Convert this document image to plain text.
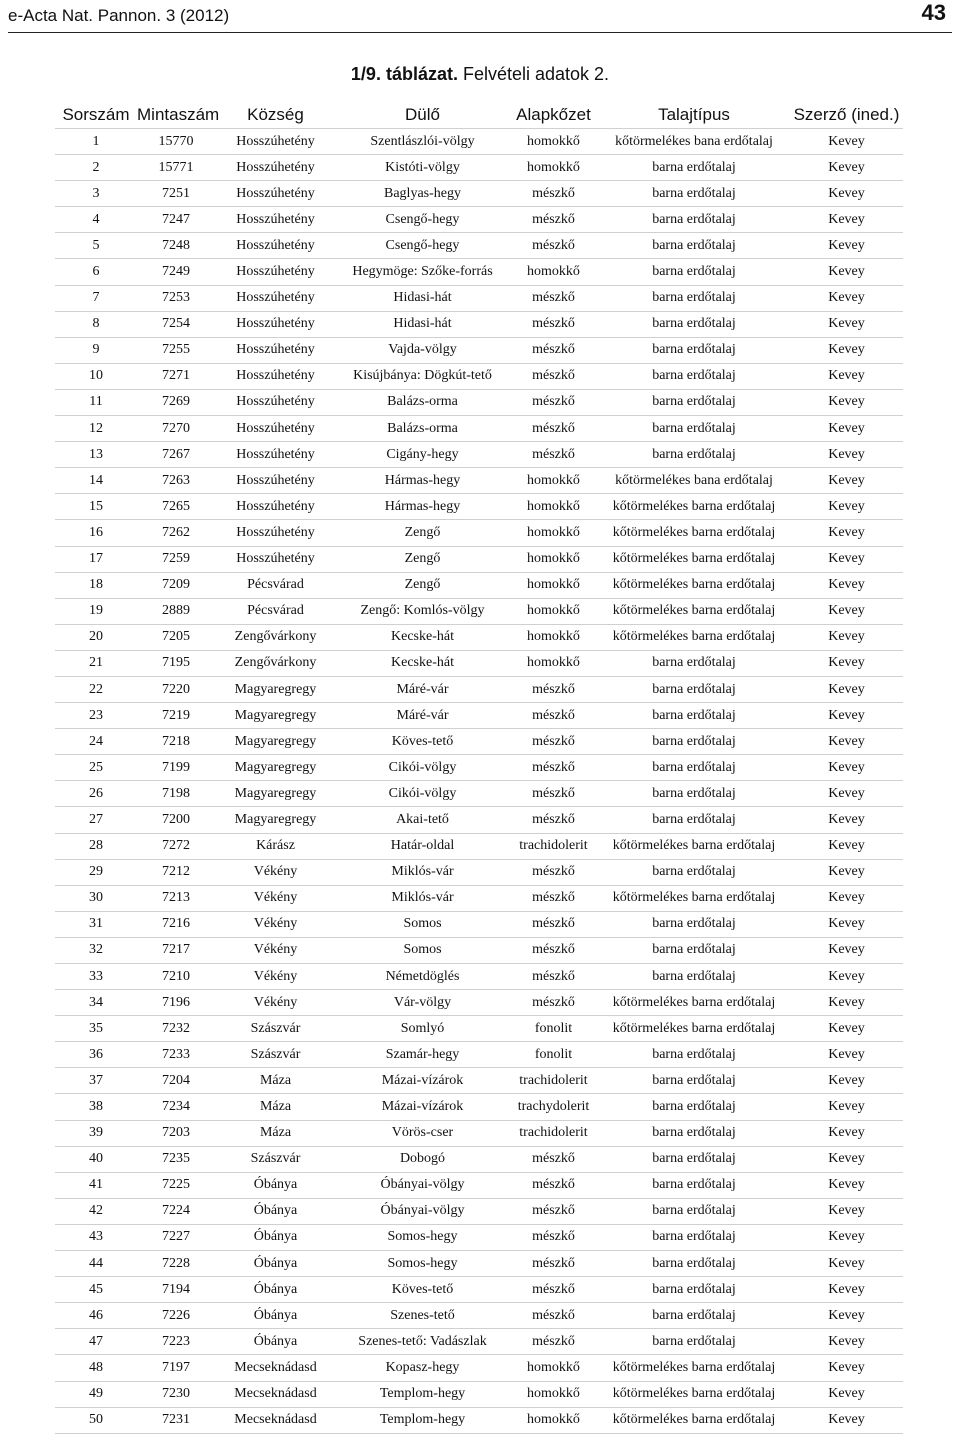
e-Acta Nat. Pannon. 3 (2012)	43
1/9. táblázat. Felvételi adatok 2.
Sorszám	Mintaszám	Község	Dülő	Alapkőzet	Talajtípus	Szerző (ined.)
1	15770	Hosszúhetény	Szentlászlói-völgy	homokkő	kőtörmelékes bana erdőtalaj	Kevey
2	15771	Hosszúhetény	Kistóti-völgy	homokkő	barna erdőtalaj	Kevey
3	7251	Hosszúhetény	Baglyas-hegy	mészkő	barna erdőtalaj	Kevey
4	7247	Hosszúhetény	Csengő-hegy	mészkő	barna erdőtalaj	Kevey
5	7248	Hosszúhetény	Csengő-hegy	mészkő	barna erdőtalaj	Kevey
6	7249	Hosszúhetény	Hegymöge: Szőke-forrás	homokkő	barna erdőtalaj	Kevey
7	7253	Hosszúhetény	Hidasi-hát	mészkő	barna erdőtalaj	Kevey
8	7254	Hosszúhetény	Hidasi-hát	mészkő	barna erdőtalaj	Kevey
9	7255	Hosszúhetény	Vajda-völgy	mészkő	barna erdőtalaj	Kevey
10	7271	Hosszúhetény	Kisújbánya: Dögkút-tető	mészkő	barna erdőtalaj	Kevey
11	7269	Hosszúhetény	Balázs-orma	mészkő	barna erdőtalaj	Kevey
12	7270	Hosszúhetény	Balázs-orma	mészkő	barna erdőtalaj	Kevey
13	7267	Hosszúhetény	Cigány-hegy	mészkő	barna erdőtalaj	Kevey
14	7263	Hosszúhetény	Hármas-hegy	homokkő	kőtörmelékes bana erdőtalaj	Kevey
15	7265	Hosszúhetény	Hármas-hegy	homokkő	kőtörmelékes barna erdőtalaj	Kevey
16	7262	Hosszúhetény	Zengő	homokkő	kőtörmelékes barna erdőtalaj	Kevey
17	7259	Hosszúhetény	Zengő	homokkő	kőtörmelékes barna erdőtalaj	Kevey
18	7209	Pécsvárad	Zengő	homokkő	kőtörmelékes barna erdőtalaj	Kevey
19	2889	Pécsvárad	Zengő: Komlós-völgy	homokkő	kőtörmelékes barna erdőtalaj	Kevey
20	7205	Zengővárkony	Kecske-hát	homokkő	kőtörmelékes barna erdőtalaj	Kevey
21	7195	Zengővárkony	Kecske-hát	homokkő	barna erdőtalaj	Kevey
22	7220	Magyaregregy	Máré-vár	mészkő	barna erdőtalaj	Kevey
23	7219	Magyaregregy	Máré-vár	mészkő	barna erdőtalaj	Kevey
24	7218	Magyaregregy	Köves-tető	mészkő	barna erdőtalaj	Kevey
25	7199	Magyaregregy	Cikói-völgy	mészkő	barna erdőtalaj	Kevey
26	7198	Magyaregregy	Cikói-völgy	mészkő	barna erdőtalaj	Kevey
27	7200	Magyaregregy	Akai-tető	mészkő	barna erdőtalaj	Kevey
28	7272	Kárász	Határ-oldal	trachidolerit	kőtörmelékes barna erdőtalaj	Kevey
29	7212	Vékény	Miklós-vár	mészkő	barna erdőtalaj	Kevey
30	7213	Vékény	Miklós-vár	mészkő	kőtörmelékes barna erdőtalaj	Kevey
31	7216	Vékény	Somos	mészkő	barna erdőtalaj	Kevey
32	7217	Vékény	Somos	mészkő	barna erdőtalaj	Kevey
33	7210	Vékény	Németdöglés	mészkő	barna erdőtalaj	Kevey
34	7196	Vékény	Vár-völgy	mészkő	kőtörmelékes barna erdőtalaj	Kevey
35	7232	Szászvár	Somlyó	fonolit	kőtörmelékes barna erdőtalaj	Kevey
36	7233	Szászvár	Szamár-hegy	fonolit	barna erdőtalaj	Kevey
37	7204	Máza	Mázai-vízárok	trachidolerit	barna erdőtalaj	Kevey
38	7234	Máza	Mázai-vízárok	trachydolerit	barna erdőtalaj	Kevey
39	7203	Máza	Vörös-cser	trachidolerit	barna erdőtalaj	Kevey
40	7235	Szászvár	Dobogó	mészkő	barna erdőtalaj	Kevey
41	7225	Óbánya	Óbányai-völgy	mészkő	barna erdőtalaj	Kevey
42	7224	Óbánya	Óbányai-völgy	mészkő	barna erdőtalaj	Kevey
43	7227	Óbánya	Somos-hegy	mészkő	barna erdőtalaj	Kevey
44	7228	Óbánya	Somos-hegy	mészkő	barna erdőtalaj	Kevey
45	7194	Óbánya	Köves-tető	mészkő	barna erdőtalaj	Kevey
46	7226	Óbánya	Szenes-tető	mészkő	barna erdőtalaj	Kevey
47	7223	Óbánya	Szenes-tető: Vadászlak	mészkő	barna erdőtalaj	Kevey
48	7197	Mecseknádasd	Kopasz-hegy	homokkő	kőtörmelékes barna erdőtalaj	Kevey
49	7230	Mecseknádasd	Templom-hegy	homokkő	kőtörmelékes barna erdőtalaj	Kevey
50	7231	Mecseknádasd	Templom-hegy	homokkő	kőtörmelékes barna erdőtalaj	Kevey
